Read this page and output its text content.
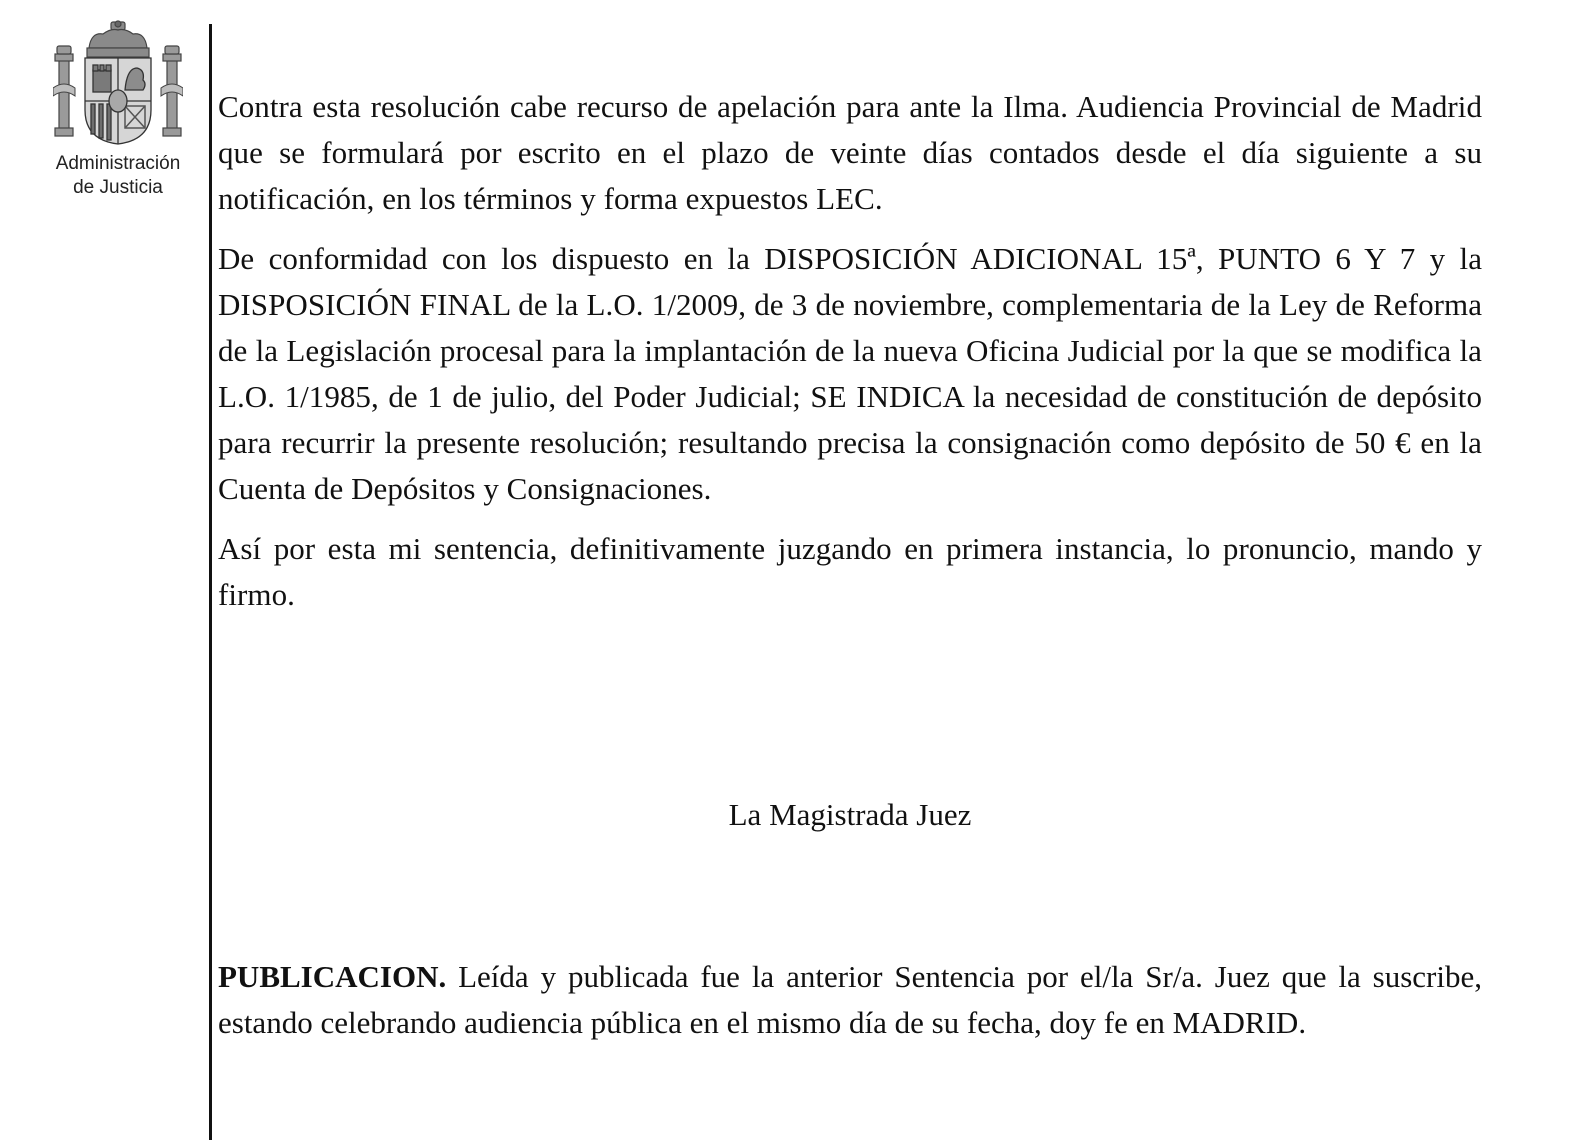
Administración
de Justicia

Contra esta resolución cabe recurso de apelación para ante la Ilma. Audiencia Provincial de Madrid que se formulará por escrito en el plazo de veinte días contados desde el día siguiente a su notificación, en los términos y forma expuestos LEC.

De conformidad con los dispuesto en la DISPOSICIÓN ADICIONAL 15ª, PUNTO 6 Y 7 y la DISPOSICIÓN FINAL de la L.O. 1/2009, de 3 de noviembre, complementaria de la Ley de Reforma de la Legislación procesal para la implantación de la nueva Oficina Judicial por la que se modifica la L.O. 1/1985, de 1 de julio, del Poder Judicial; SE INDICA la necesidad de constitución de depósito para recurrir la presente resolución; resultando precisa la consignación como depósito de 50 € en la Cuenta de Depósitos y Consignaciones.

Así por esta mi sentencia, definitivamente juzgando en primera instancia, lo pronuncio, mando y firmo.

La Magistrada Juez

PUBLICACION. Leída y publicada fue la anterior Sentencia por el/la Sr/a. Juez que la suscribe, estando celebrando audiencia pública en el mismo día de su fecha, doy fe en MADRID.
